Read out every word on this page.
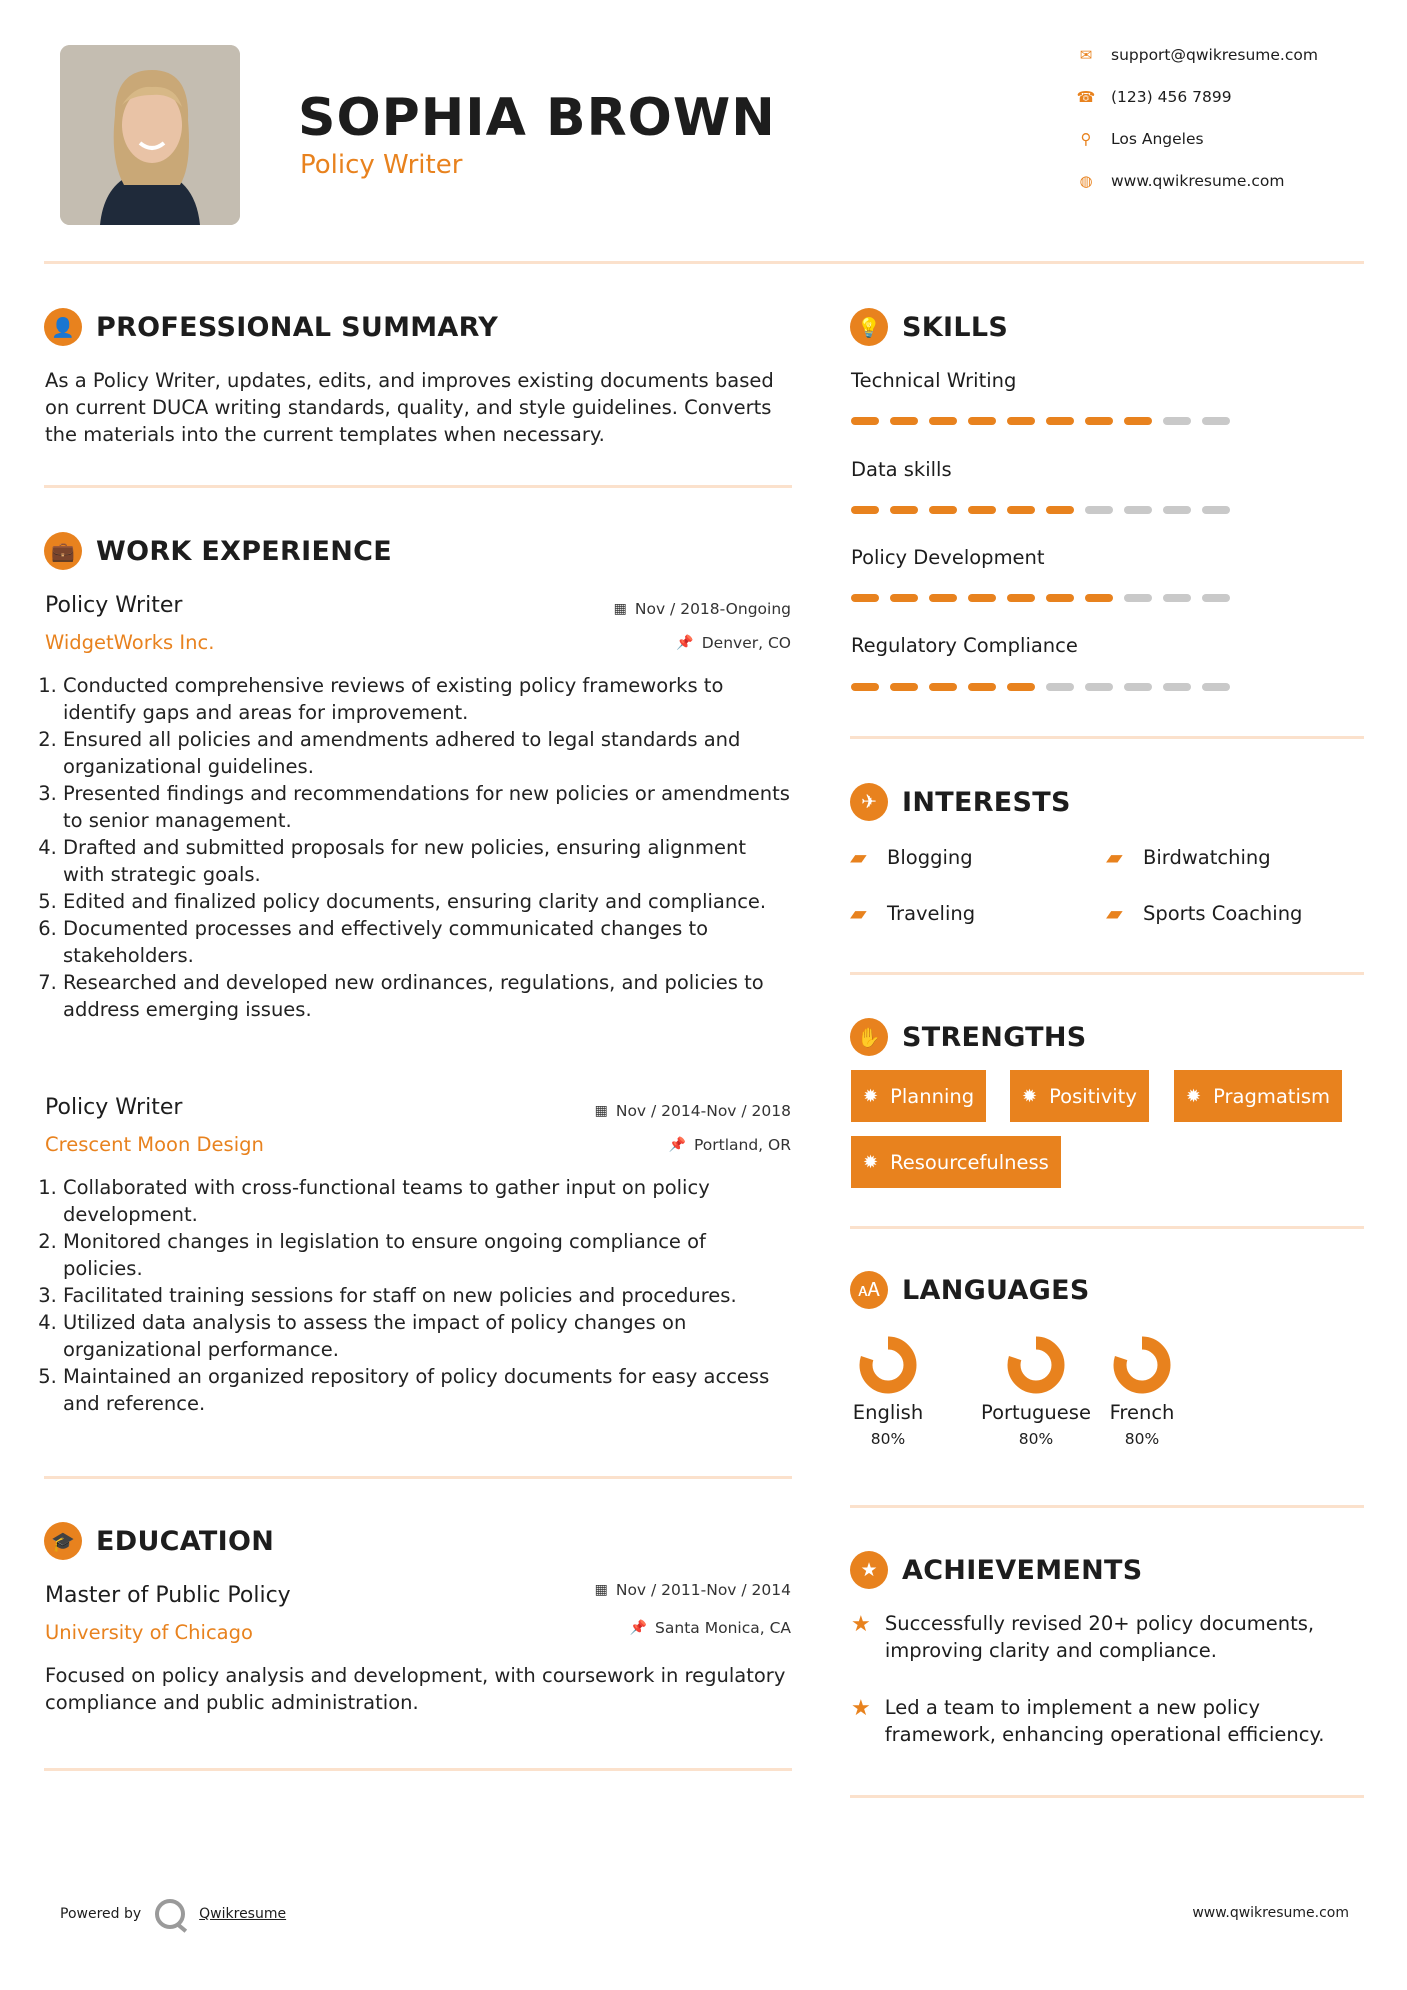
SOPHIA BROWN
Policy Writer
✉	support@qwikresume.com
☎ (123) 456 7899
⚲	Los Angeles
◍ www.qwikresume.com
👤 PROFESSIONAL SUMMARY
As a Policy Writer, updates, edits, and improves existing documents based on current DUCA writing standards, quality, and style guidelines. Converts the materials into the current templates when necessary.
💼 WORK EXPERIENCE
Policy Writer
WidgetWorks Inc.
▦ Nov / 2018-Ongoing
📌 Denver, CO
1. Conducted comprehensive reviews of existing policy frameworks to identify gaps and areas for improvement.
2. Ensured all policies and amendments adhered to legal standards and organizational guidelines.
3. Presented findings and recommendations for new policies or amendments to senior management.
4. Drafted and submitted proposals for new policies, ensuring alignment with strategic goals.
5. Edited and finalized policy documents, ensuring clarity and compliance.
6. Documented processes and effectively communicated changes to stakeholders.
7. Researched and developed new ordinances, regulations, and policies to address emerging issues.
Policy Writer
Crescent Moon Design
▦ Nov / 2014-Nov / 2018
📌 Portland, OR
1. Collaborated with cross-functional teams to gather input on policy development.
2. Monitored changes in legislation to ensure ongoing compliance of policies.
3. Facilitated training sessions for staff on new policies and procedures.
4. Utilized data analysis to assess the impact of policy changes on organizational performance.
5. Maintained an organized repository of policy documents for easy access and reference.
🎓 EDUCATION
Master of Public Policy
University of Chicago
▦ Nov / 2011-Nov / 2014
📌 Santa Monica, CA
Focused on policy analysis and development, with coursework in regulatory compliance and public administration.
💡 SKILLS
Technical Writing
Data skills
Policy Development
Regulatory Compliance
✈ INTERESTS
▰ Blogging	▰ Birdwatching
▰ Traveling	▰ Sports Coaching
✋ STRENGTHS
✹ Planning	✹ Positivity	✹ Pragmatism
✹ Resourcefulness
🗚 LANGUAGES
English
80%
Portuguese
80%
French
80%
★ ACHIEVEMENTS
★ Successfully revised 20+ policy documents, improving clarity and compliance.
★ Led a team to implement a new policy framework, enhancing operational efficiency.
Powered by	Qwikresume	www.qwikresume.com
